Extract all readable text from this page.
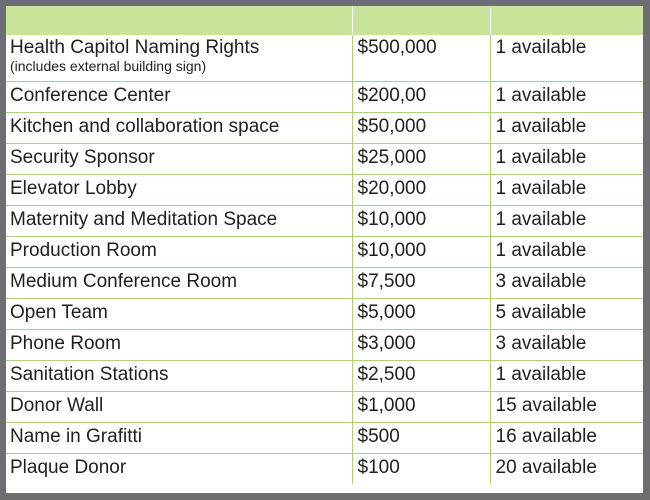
Health Capitol Naming Rights
(includes external building sign)	$500,000	1 available
Conference Center	$200,00	1 available
Kitchen and collaboration space	$50,000	1 available
Security Sponsor	$25,000	1 available
Elevator Lobby	$20,000	1 available
Maternity and Meditation Space	$10,000	1 available
Production Room	$10,000	1 available
Medium Conference Room	$7,500	3 available
Open Team	$5,000	5 available
Phone Room	$3,000	3 available
Sanitation Stations	$2,500	1 available
Donor Wall	$1,000	15 available
Name in Grafitti	$500	16 available
Plaque Donor	$100	20 available
